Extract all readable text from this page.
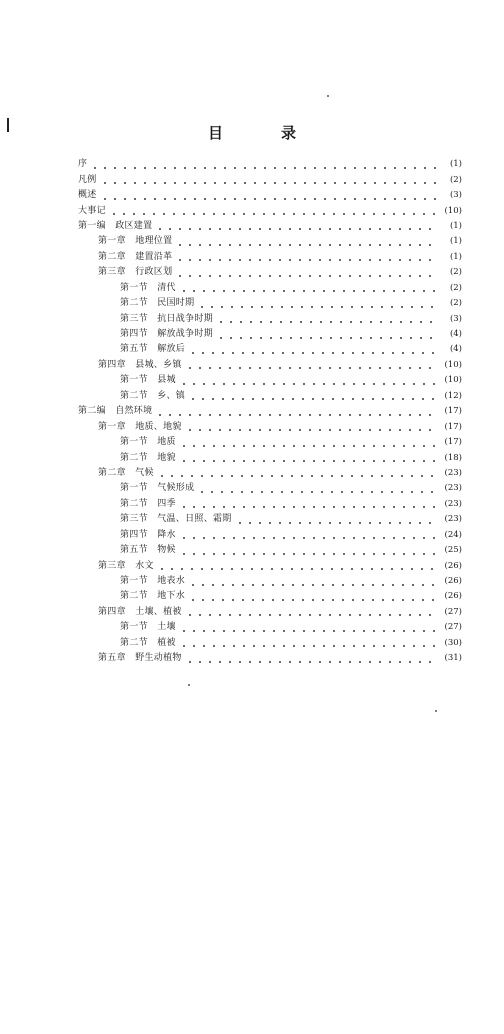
目	录
序	(1)
凡例	(2)
概述	(3)
大事记	(10)
第一编　政区建置	(1)
第一章　地理位置	(1)
第二章　建置沿革	(1)
第三章　行政区划	(2)
第一节　清代	(2)
第二节　民国时期	(2)
第三节　抗日战争时期	(3)
第四节　解放战争时期	(4)
第五节　解放后	(4)
第四章　县城、乡镇	(10)
第一节　县城	(10)
第二节　乡、镇	(12)
第二编　自然环境	(17)
第一章　地质、地貌	(17)
第一节　地质	(17)
第二节　地貌	(18)
第二章　气候	(23)
第一节　气候形成	(23)
第二节　四季	(23)
第三节　气温、日照、霜期	(23)
第四节　降水	(24)
第五节　物候	(25)
第三章　水文	(26)
第一节　地表水	(26)
第二节　地下水	(26)
第四章　土壤、植被	(27)
第一节　土壤	(27)
第二节　植被	(30)
第五章　野生动植物	(31)
